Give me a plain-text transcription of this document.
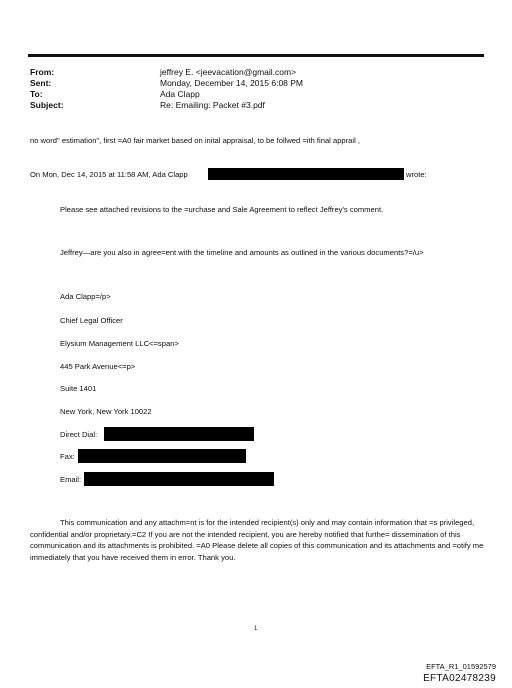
From:	jeffrey E. <jeevacation@gmail.com>
Sent:	Monday, December 14, 2015 6:08 PM
To:	Ada Clapp
Subject:	Re: Emailing: Packet #3.pdf
no word" estimation", first =A0 fair market based on inital appraisal, to be follwed =ith final apprail ,
On Mon, Dec 14, 2015 at 11:58 AM, Ada Clapp	wrote:
Please see attached revisions to the =urchase and Sale Agreement to reflect Jeffrey's comment.
Jeffrey—are you also in agree=ent with the timeline and amounts as outlined in the various documents?=/u>
Ada Clapp=/p>
Chief Legal Officer
Elysium Management LLC<=span>
445 Park Avenue<=p>
Suite 1401
New York, New York 10022
Direct Dial:
Fax:
Email:
This communication and any attachm=nt is for the intended recipient(s) only and may contain information that =s privileged, confidential and/or proprietary.=C2 If you are not the intended recipient, you are hereby notified that furthe= dissemination of this communication and its attachments is prohibited. =A0 Please delete all copies of this communication and its attachments and =otify me immediately that you have received them in error. Thank you.
1
EFTA_R1_01592579
EFTA02478239
